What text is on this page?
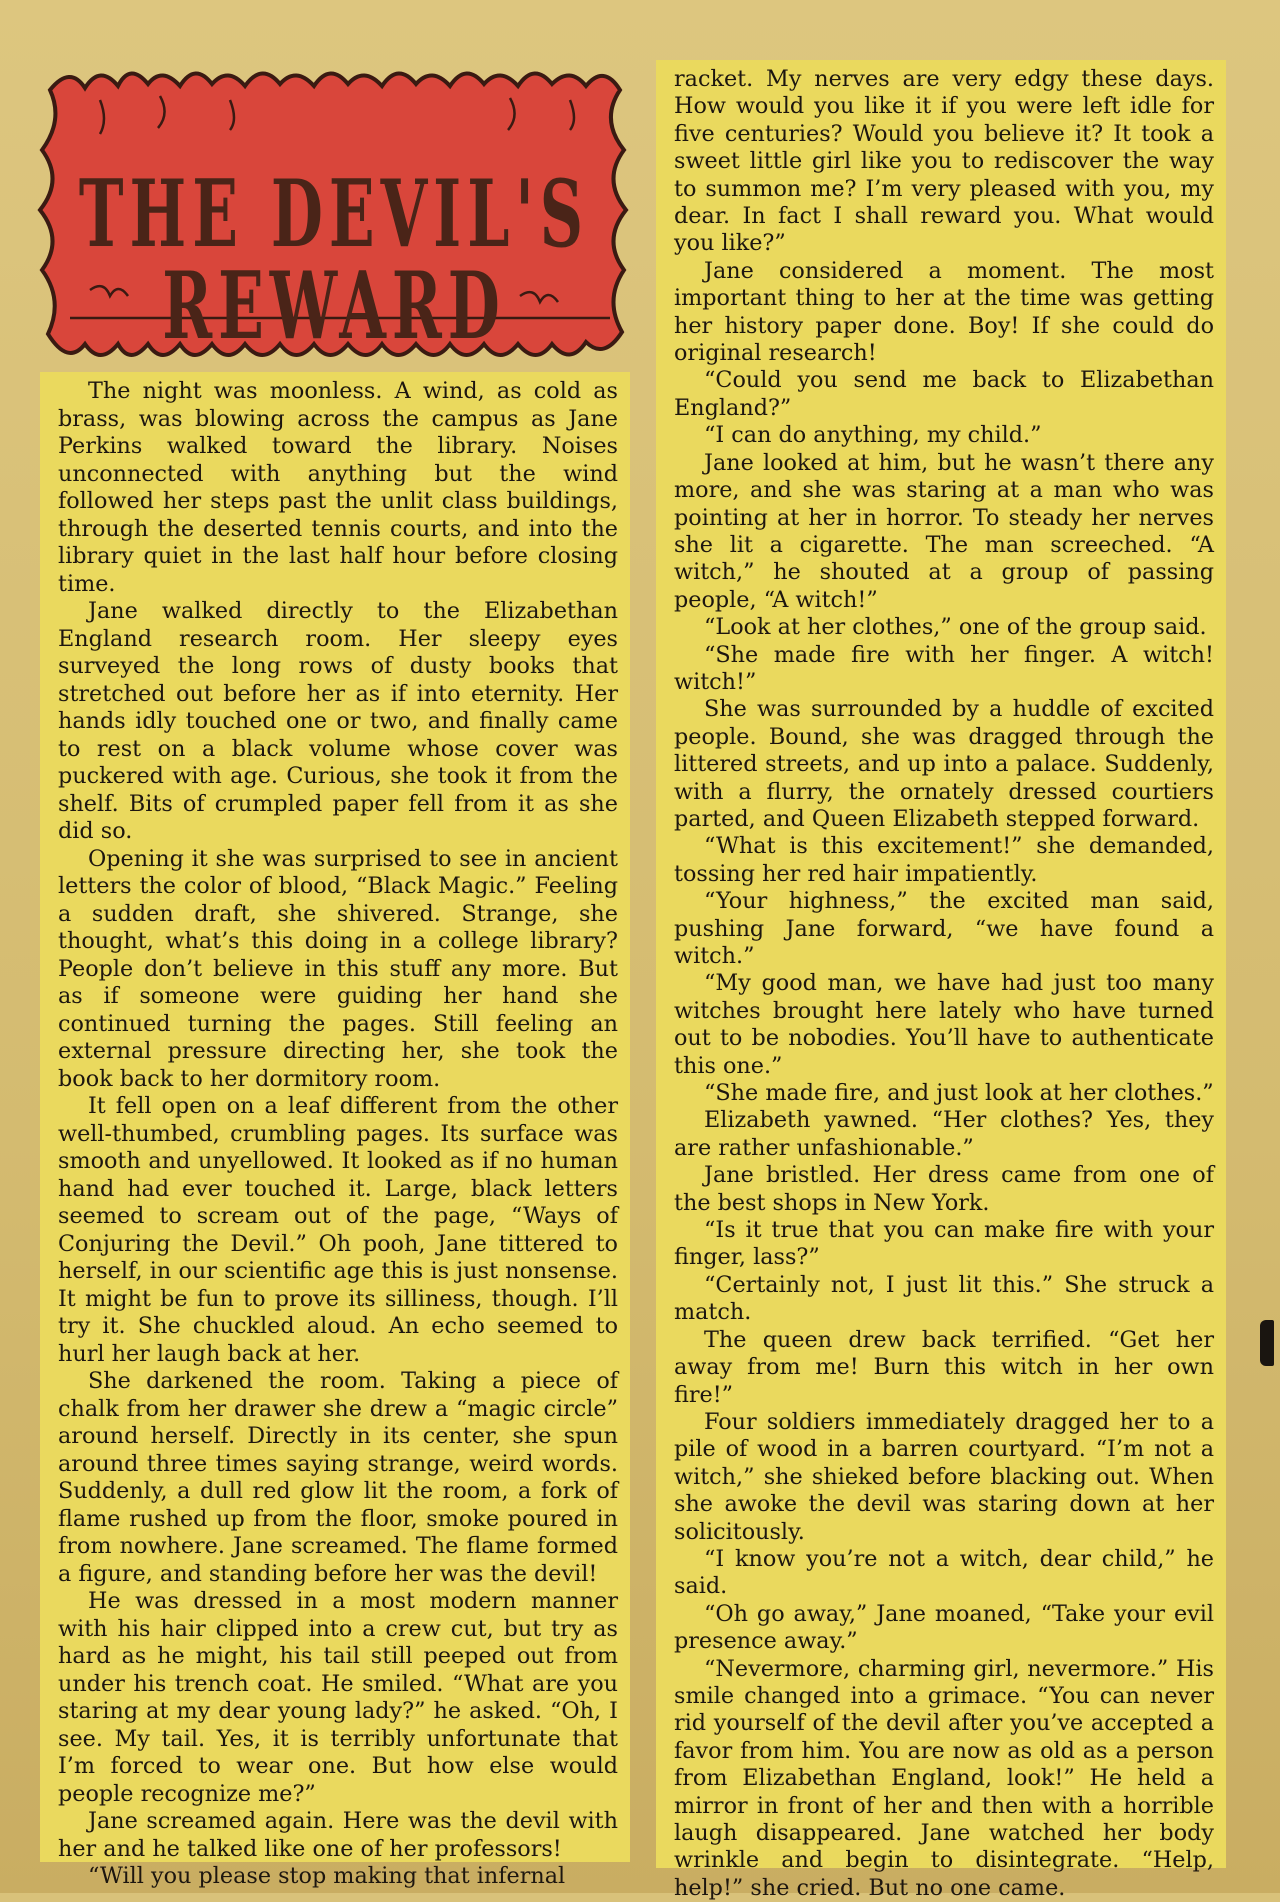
THE DEVIL'S
REWARD

The night was moonless. A wind, as cold as brass, was blowing across the campus as Jane Perkins walked toward the library. Noises unconnected with anything but the wind followed her steps past the unlit class buildings, through the deserted tennis courts, and into the library quiet in the last half hour before closing time.

Jane walked directly to the Elizabethan England research room. Her sleepy eyes surveyed the long rows of dusty books that stretched out before her as if into eternity. Her hands idly touched one or two, and finally came to rest on a black volume whose cover was puckered with age. Curious, she took it from the shelf. Bits of crumpled paper fell from it as she did so.

Opening it she was surprised to see in ancient letters the color of blood, “Black Magic.” Feeling a sudden draft, she shivered. Strange, she thought, what’s this doing in a college library? People don’t believe in this stuff any more. But as if someone were guiding her hand she continued turning the pages. Still feeling an external pressure directing her, she took the book back to her dormitory room.

It fell open on a leaf different from the other well-thumbed, crumbling pages. Its surface was smooth and unyellowed. It looked as if no human hand had ever touched it. Large, black letters seemed to scream out of the page, “Ways of Conjuring the Devil.” Oh pooh, Jane tittered to herself, in our scientific age this is just nonsense. It might be fun to prove its silliness, though. I’ll try it. She chuckled aloud. An echo seemed to hurl her laugh back at her.

She darkened the room. Taking a piece of chalk from her drawer she drew a “magic circle” around herself. Directly in its center, she spun around three times saying strange, weird words. Suddenly, a dull red glow lit the room, a fork of flame rushed up from the floor, smoke poured in from nowhere. Jane screamed. The flame formed a figure, and standing before her was the devil!

He was dressed in a most modern manner with his hair clipped into a crew cut, but try as hard as he might, his tail still peeped out from under his trench coat. He smiled. “What are you staring at my dear young lady?” he asked. “Oh, I see. My tail. Yes, it is terribly unfortunate that I’m forced to wear one. But how else would people recognize me?”

Jane screamed again. Here was the devil with her and he talked like one of her professors!

“Will you please stop making that infernal

racket. My nerves are very edgy these days. How would you like it if you were left idle for five centuries? Would you believe it? It took a sweet little girl like you to rediscover the way to summon me? I’m very pleased with you, my dear. In fact I shall reward you. What would you like?”

Jane considered a moment. The most important thing to her at the time was getting her history paper done. Boy! If she could do original research!

“Could you send me back to Elizabethan England?”

“I can do anything, my child.”

Jane looked at him, but he wasn’t there any more, and she was staring at a man who was pointing at her in horror. To steady her nerves she lit a cigarette. The man screeched. “A witch,” he shouted at a group of passing people, “A witch!”

“Look at her clothes,” one of the group said.

“She made fire with her finger. A witch! witch!”

She was surrounded by a huddle of excited people. Bound, she was dragged through the littered streets, and up into a palace. Suddenly, with a flurry, the ornately dressed courtiers parted, and Queen Elizabeth stepped forward.

“What is this excitement!” she demanded, tossing her red hair impatiently.

“Your highness,” the excited man said, pushing Jane forward, “we have found a witch.”

“My good man, we have had just too many witches brought here lately who have turned out to be nobodies. You’ll have to authenticate this one.”

“She made fire, and just look at her clothes.”

Elizabeth yawned. “Her clothes? Yes, they are rather unfashionable.”

Jane bristled. Her dress came from one of the best shops in New York.

“Is it true that you can make fire with your finger, lass?”

“Certainly not, I just lit this.” She struck a match.

The queen drew back terrified. “Get her away from me! Burn this witch in her own fire!”

Four soldiers immediately dragged her to a pile of wood in a barren courtyard. “I’m not a witch,” she shieked before blacking out. When she awoke the devil was staring down at her solicitously.

“I know you’re not a witch, dear child,” he said.

“Oh go away,” Jane moaned, “Take your evil presence away.”

“Nevermore, charming girl, nevermore.” His smile changed into a grimace. “You can never rid yourself of the devil after you’ve accepted a favor from him. You are now as old as a person from Elizabethan England, look!” He held a mirror in front of her and then with a horrible laugh disappeared. Jane watched her body wrinkle and begin to disintegrate. “Help, help!” she cried. But no one came.
